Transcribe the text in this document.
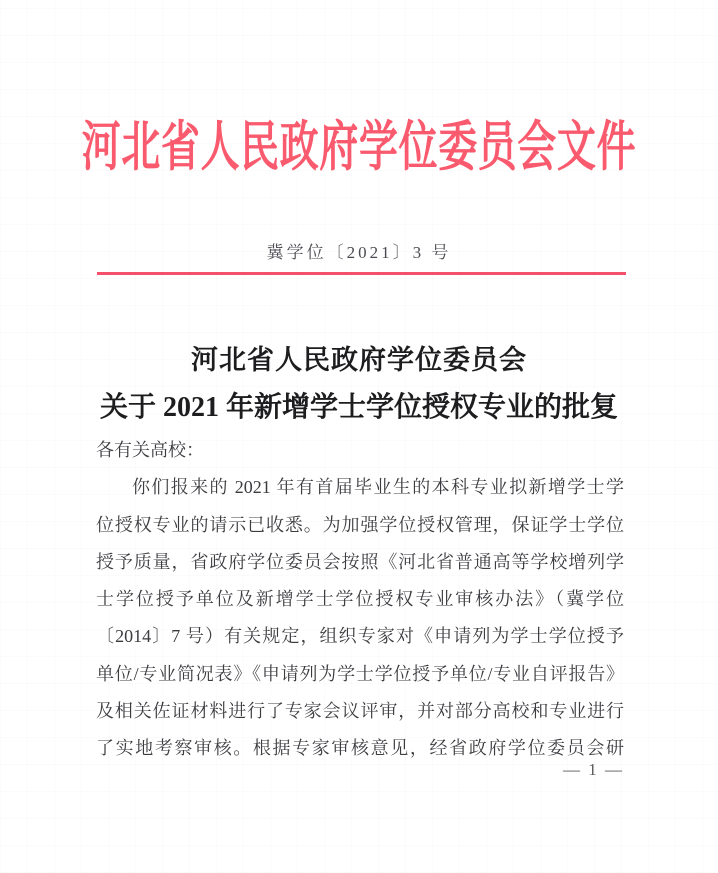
河北省人民政府学位委员会文件
冀学位〔2021〕3 号
河北省人民政府学位委员会
关于 2021 年新增学士学位授权专业的批复
各有关高校：
你们报来的 2021 年有首届毕业生的本科专业拟新增学士学
位授权专业的请示已收悉。为加强学位授权管理，保证学士学位
授予质量，省政府学位委员会按照《河北省普通高等学校增列学
士学位授予单位及新增学士学位授权专业审核办法》（冀学位
〔2014〕7 号）有关规定，组织专家对《申请列为学士学位授予
单位/专业简况表》《申请列为学士学位授予单位/专业自评报告》
及相关佐证材料进行了专家会议评审，并对部分高校和专业进行
了实地考察审核。根据专家审核意见，经省政府学位委员会研
— 1 —
